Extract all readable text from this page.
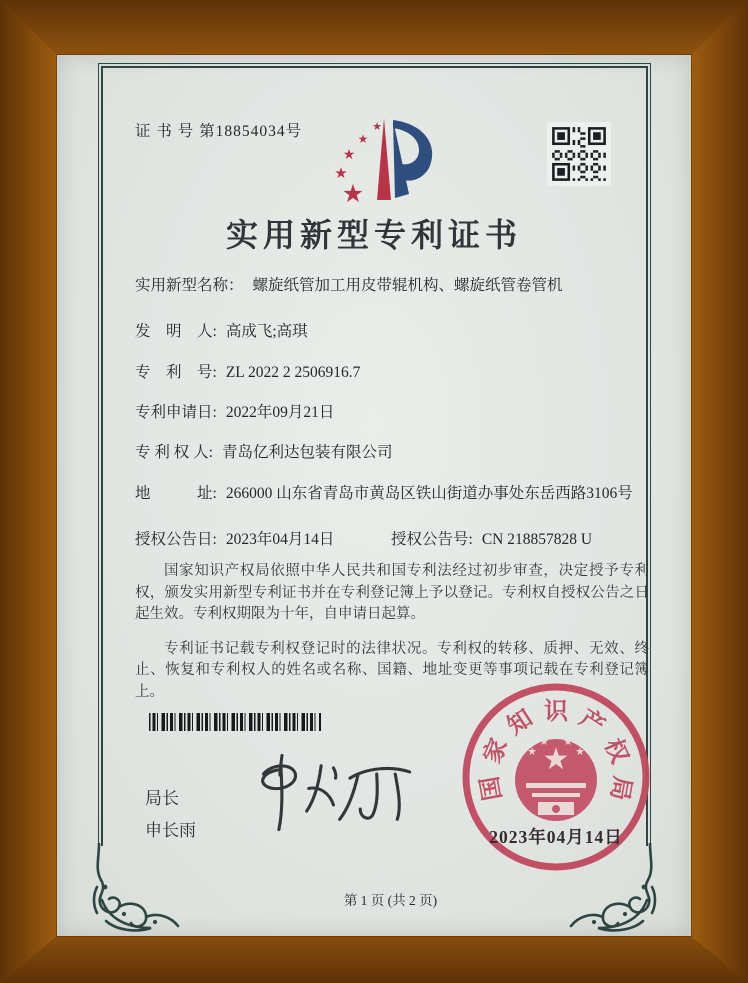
证 书 号 第18854034号
★
★
★
★
★
实用新型专利证书
实用新型名称： 螺旋纸管加工用皮带辊机构、螺旋纸管卷管机
发　明　人: 高成飞;高琪
专　利　号: ZL 2022 2 2506916.7
专利申请日: 2022年09月21日
专 利 权 人: 青岛亿利达包装有限公司
地　　　址: 266000 山东省青岛市黄岛区铁山街道办事处东岳西路3106号
授权公告日: 2023年04月14日	授权公告号: CN 218857828 U

国家知识产权局依照中华人民共和国专利法经过初步审查，决定授予专利权，颁发实用新型专利证书并在专利登记簿上予以登记。专利权自授权公告之日起生效。专利权期限为十年，自申请日起算。

专利证书记载专利权登记时的法律状况。专利权的转移、质押、无效、终止、恢复和专利权人的姓名或名称、国籍、地址变更等事项记载在专利登记簿上。

局长
申长雨
国
家
知 识 产
权
局
★
★
★ ★
★
2023年04月14日
第 1 页 (共 2 页)
